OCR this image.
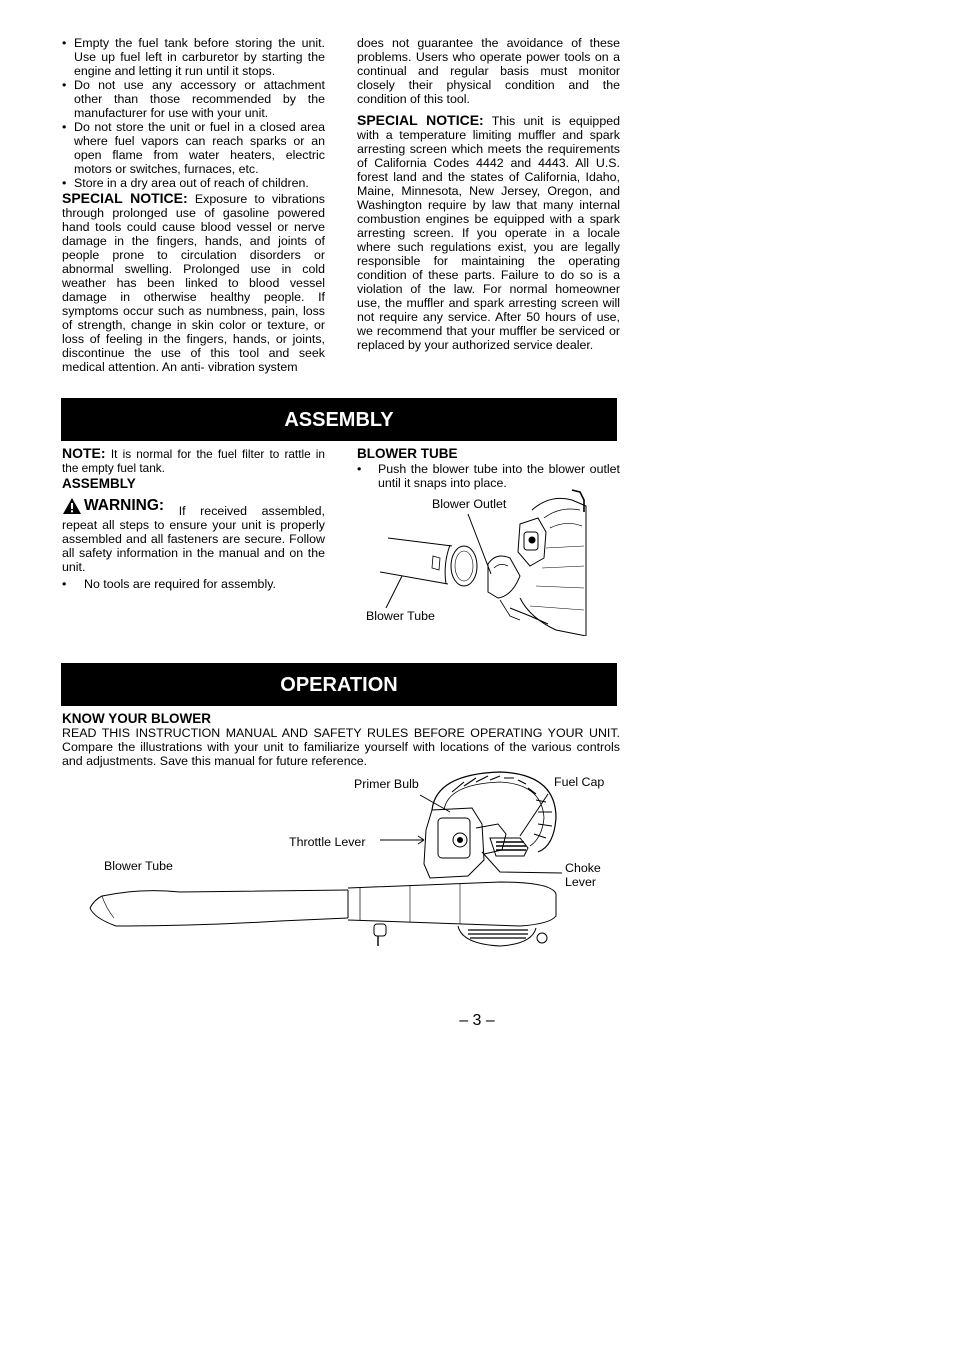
• Empty the fuel tank before storing the unit. Use up fuel left in carburetor by starting the engine and letting it run until it stops.
• Do not use any accessory or attachment other than those recommended by the manufacturer for use with your unit.
• Do not store the unit or fuel in a closed area where fuel vapors can reach sparks or an open flame from water heaters, electric motors or switches, furnaces, etc.
• Store in a dry area out of reach of children.

SPECIAL NOTICE: Exposure to vibrations through prolonged use of gasoline powered hand tools could cause blood vessel or nerve damage in the fingers, hands, and joints of people prone to circulation disorders or abnormal swelling. Prolonged use in cold weather has been linked to blood vessel damage in otherwise healthy people. If symptoms occur such as numbness, pain, loss of strength, change in skin color or texture, or loss of feeling in the fingers, hands, or joints, discontinue the use of this tool and seek medical attention. An anti- vibration system

does not guarantee the avoidance of these problems. Users who operate power tools on a continual and regular basis must monitor closely their physical condition and the condition of this tool.

SPECIAL NOTICE: This unit is equipped with a temperature limiting muffler and spark arresting screen which meets the requirements of California Codes 4442 and 4443. All U.S. forest land and the states of California, Idaho, Maine, Minnesota, New Jersey, Oregon, and Washington require by law that many internal combustion engines be equipped with a spark arresting screen. If you operate in a locale where such regulations exist, you are legally responsible for maintaining the operating condition of these parts. Failure to do so is a violation of the law. For normal homeowner use, the muffler and spark arresting screen will not require any service. After 50 hours of use, we recommend that your muffler be serviced or replaced by your authorized service dealer.

ASSEMBLY

NOTE: It is normal for the fuel filter to rattle in the empty fuel tank.

ASSEMBLY

WARNING: If received assembled, repeat all steps to ensure your unit is properly assembled and all fasteners are secure. Follow all safety information in the manual and on the unit.

• No tools are required for assembly.
BLOWER TUBE
• Push the blower tube into the blower outlet until it snaps into place.
Blower Outlet
Blower Tube
OPERATION
KNOW YOUR BLOWER

READ THIS INSTRUCTION MANUAL AND SAFETY RULES BEFORE OPERATING YOUR UNIT. Compare the illustrations with your unit to familiarize yourself with locations of the various controls and adjustments. Save this manual for future reference.

Primer Bulb	Fuel Cap
Throttle Lever
Choke Lever
Blower Tube
– 3 –
